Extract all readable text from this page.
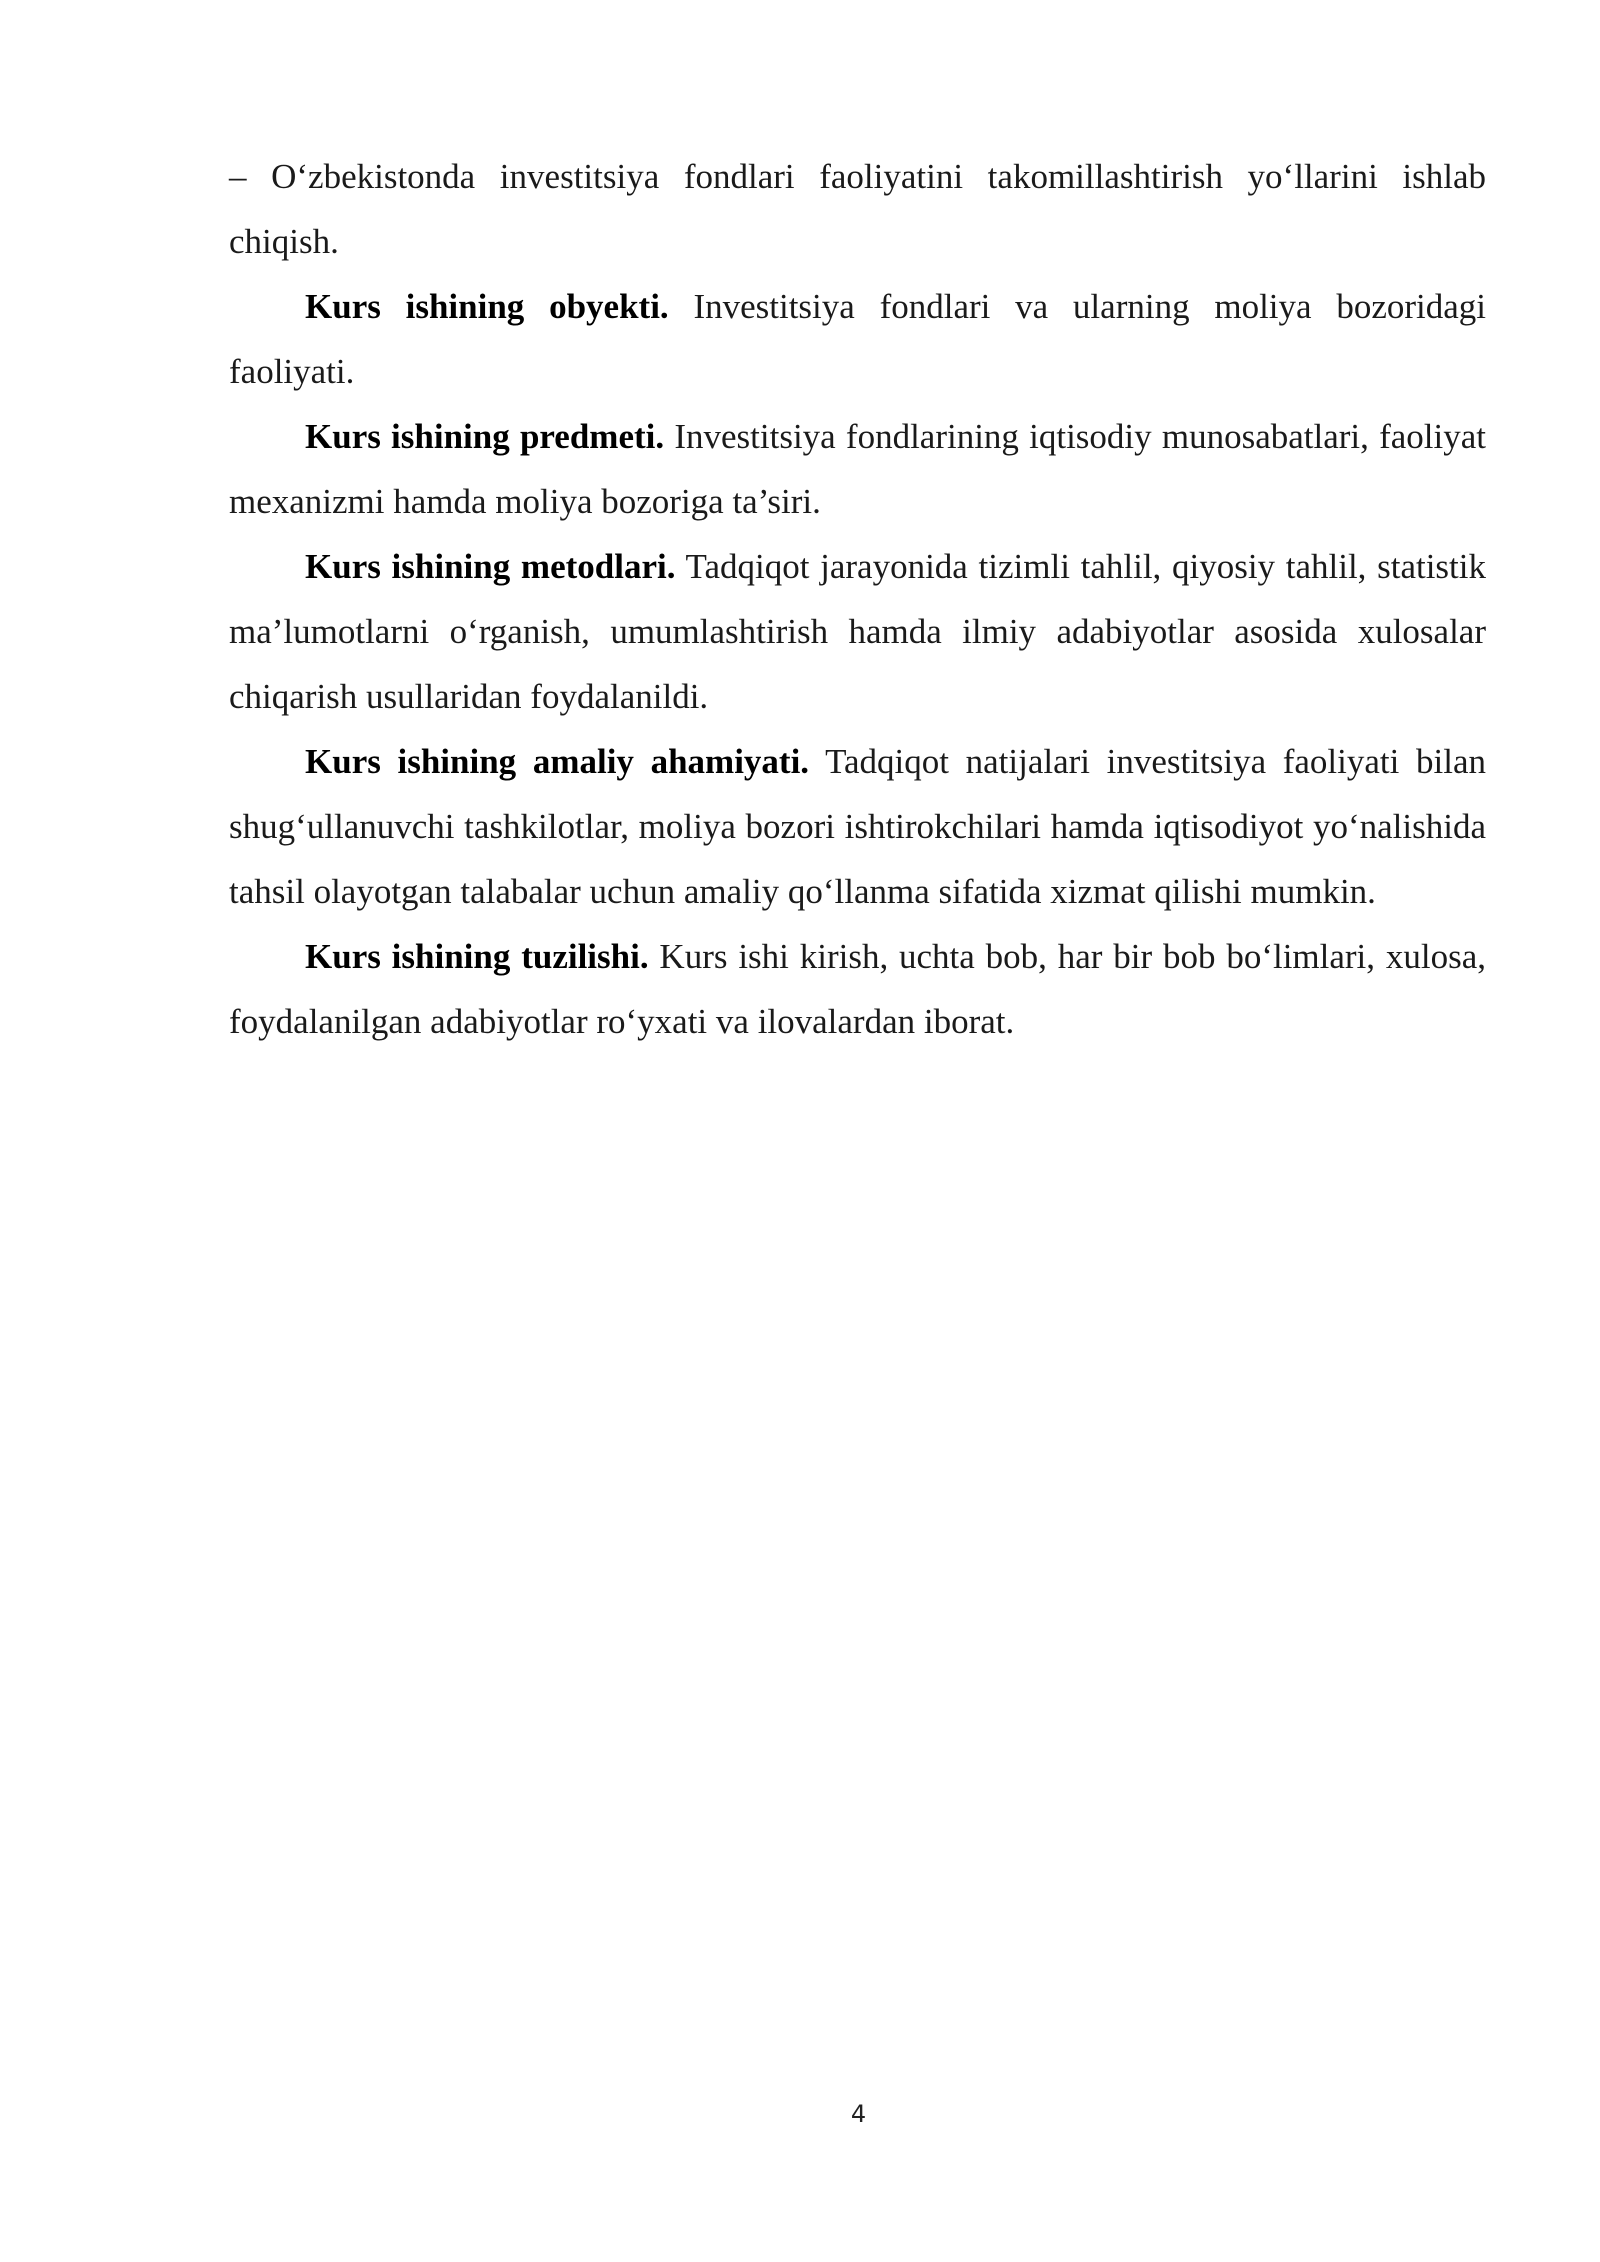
– O‘zbekistonda investitsiya fondlari faoliyatini takomillashtirish yo‘llarini ishlab chiqish.

Kurs ishining obyekti. Investitsiya fondlari va ularning moliya bozoridagi faoliyati.

Kurs ishining predmeti. Investitsiya fondlarining iqtisodiy munosabatlari, faoliyat mexanizmi hamda moliya bozoriga ta’siri.

Kurs ishining metodlari. Tadqiqot jarayonida tizimli tahlil, qiyosiy tahlil, statistik ma’lumotlarni o‘rganish, umumlashtirish hamda ilmiy adabiyotlar asosida xulosalar chiqarish usullaridan foydalanildi.

Kurs ishining amaliy ahamiyati. Tadqiqot natijalari investitsiya faoliyati bilan shug‘ullanuvchi tashkilotlar, moliya bozori ishtirokchilari hamda iqtisodiyot yo‘nalishida tahsil olayotgan talabalar uchun amaliy qo‘llanma sifatida xizmat qilishi mumkin.

Kurs ishining tuzilishi. Kurs ishi kirish, uchta bob, har bir bob bo‘limlari, xulosa, foydalanilgan adabiyotlar ro‘yxati va ilovalardan iborat.

4
